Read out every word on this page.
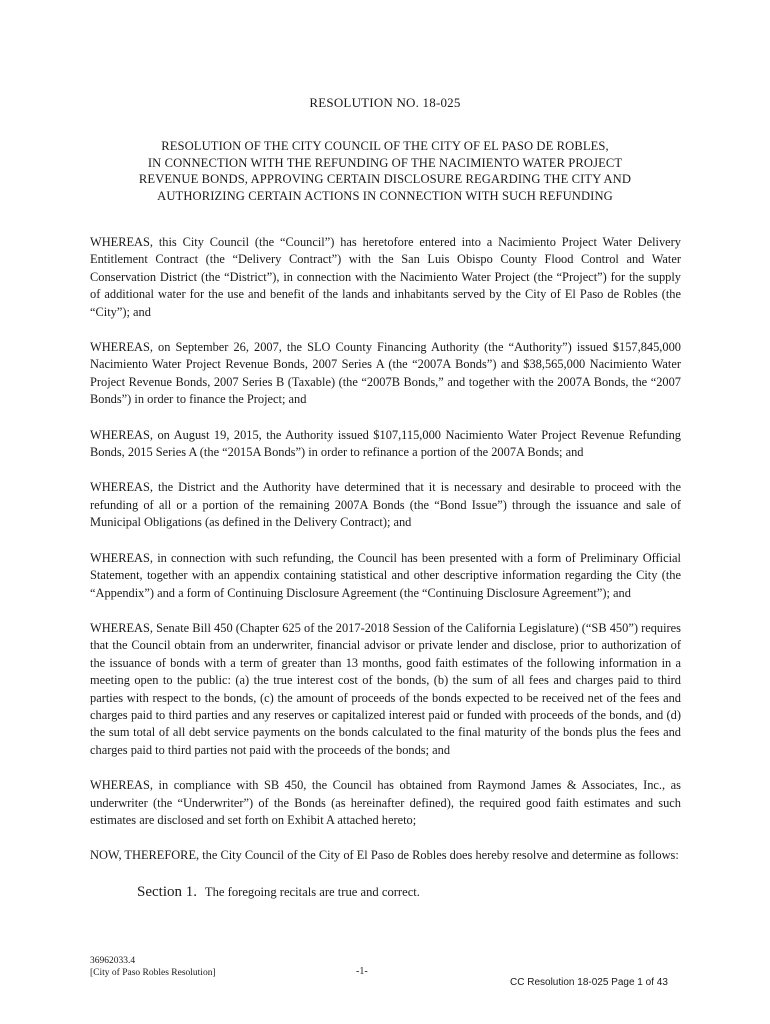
RESOLUTION NO. 18-025
RESOLUTION OF THE CITY COUNCIL OF THE CITY OF EL PASO DE ROBLES,
IN CONNECTION WITH THE REFUNDING OF THE NACIMIENTO WATER PROJECT
REVENUE BONDS, APPROVING CERTAIN DISCLOSURE REGARDING THE CITY AND
AUTHORIZING CERTAIN ACTIONS IN CONNECTION WITH SUCH REFUNDING

WHEREAS, this City Council (the “Council”) has heretofore entered into a Nacimiento Project Water Delivery Entitlement Contract (the “Delivery Contract”) with the San Luis Obispo County Flood Control and Water Conservation District (the “District”), in connection with the Nacimiento Water Project (the “Project”) for the supply of additional water for the use and benefit of the lands and inhabitants served by the City of El Paso de Robles (the “City”); and

WHEREAS, on September 26, 2007, the SLO County Financing Authority (the “Authority”) issued $157,845,000 Nacimiento Water Project Revenue Bonds, 2007 Series A (the “2007A Bonds”) and $38,565,000 Nacimiento Water Project Revenue Bonds, 2007 Series B (Taxable) (the “2007B Bonds,” and together with the 2007A Bonds, the “2007 Bonds”) in order to finance the Project; and

WHEREAS, on August 19, 2015, the Authority issued $107,115,000 Nacimiento Water Project Revenue Refunding Bonds, 2015 Series A (the “2015A Bonds”) in order to refinance a portion of the 2007A Bonds; and

WHEREAS, the District and the Authority have determined that it is necessary and desirable to proceed with the refunding of all or a portion of the remaining 2007A Bonds (the “Bond Issue”) through the issuance and sale of Municipal Obligations (as defined in the Delivery Contract); and

WHEREAS, in connection with such refunding, the Council has been presented with a form of Preliminary Official Statement, together with an appendix containing statistical and other descriptive information regarding the City (the “Appendix”) and a form of Continuing Disclosure Agreement (the “Continuing Disclosure Agreement”); and

WHEREAS, Senate Bill 450 (Chapter 625 of the 2017-2018 Session of the California Legislature) (“SB 450”) requires that the Council obtain from an underwriter, financial advisor or private lender and disclose, prior to authorization of the issuance of bonds with a term of greater than 13 months, good faith estimates of the following information in a meeting open to the public: (a) the true interest cost of the bonds, (b) the sum of all fees and charges paid to third parties with respect to the bonds, (c) the amount of proceeds of the bonds expected to be received net of the fees and charges paid to third parties and any reserves or capitalized interest paid or funded with proceeds of the bonds, and (d) the sum total of all debt service payments on the bonds calculated to the final maturity of the bonds plus the fees and charges paid to third parties not paid with the proceeds of the bonds; and

WHEREAS, in compliance with SB 450, the Council has obtained from Raymond James & Associates, Inc., as underwriter (the “Underwriter”) of the Bonds (as hereinafter defined), the required good faith estimates and such estimates are disclosed and set forth on Exhibit A attached hereto;

NOW, THEREFORE, the City Council of the City of El Paso de Robles does hereby resolve and determine as follows:

Section 1. The foregoing recitals are true and correct.
36962033.4
[City of Paso Robles Resolution]	-1-
CC Resolution 18-025 Page 1 of 43
